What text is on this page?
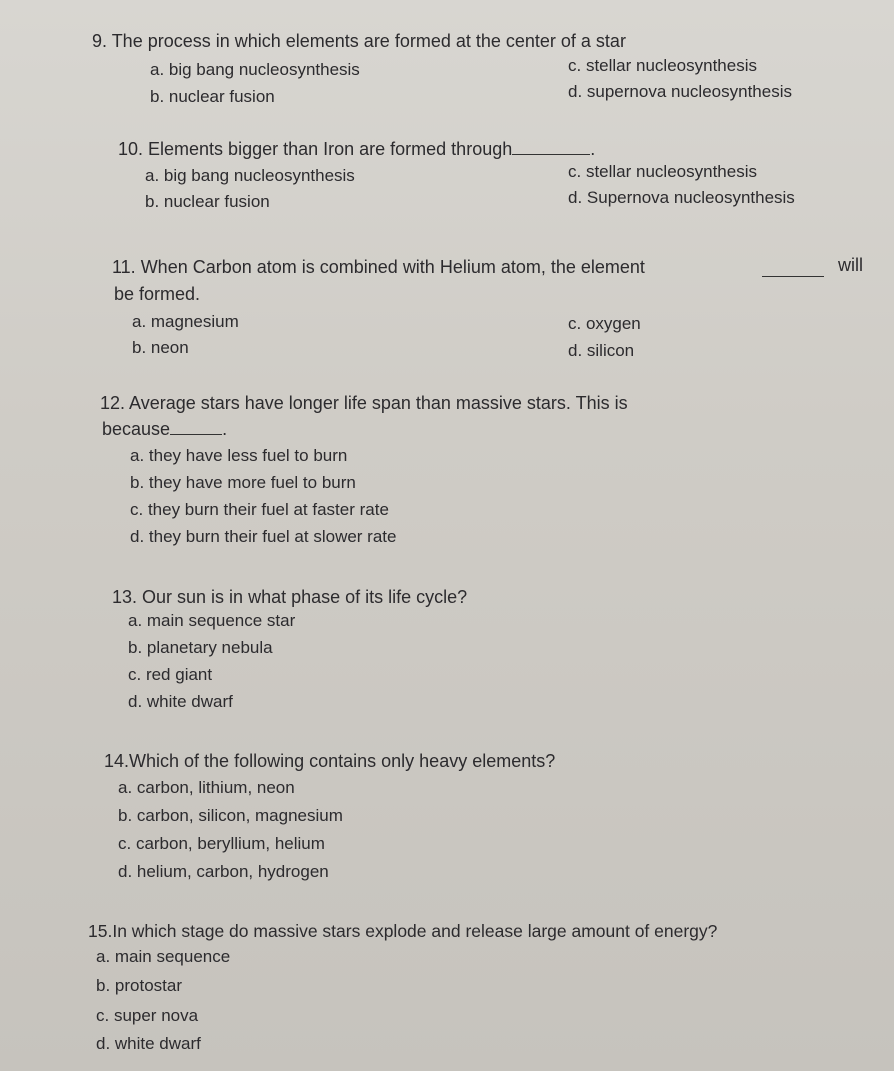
9. The process in which elements are formed at the center of a star
a. big bang nucleosynthesis
b. nuclear fusion
c. stellar nucleosynthesis
d. supernova nucleosynthesis
10. Elements bigger than Iron are formed through	.
a. big bang nucleosynthesis
b. nuclear fusion
c. stellar nucleosynthesis
d. Supernova nucleosynthesis
11. When Carbon atom is combined with Helium atom, the element	will
be formed.
a. magnesium
b. neon
c. oxygen
d. silicon
12. Average stars have longer life span than massive stars. This is
because	.
a. they have less fuel to burn
b. they have more fuel to burn
c. they burn their fuel at faster rate
d. they burn their fuel at slower rate
13. Our sun is in what phase of its life cycle?
a. main sequence star
b. planetary nebula
c. red giant
d. white dwarf
14.Which of the following contains only heavy elements?
a. carbon, lithium, neon
b. carbon, silicon, magnesium
c. carbon, beryllium, helium
d. helium, carbon, hydrogen
15.In which stage do massive stars explode and release large amount of energy?
a. main sequence
b. protostar
c. super nova
d. white dwarf
